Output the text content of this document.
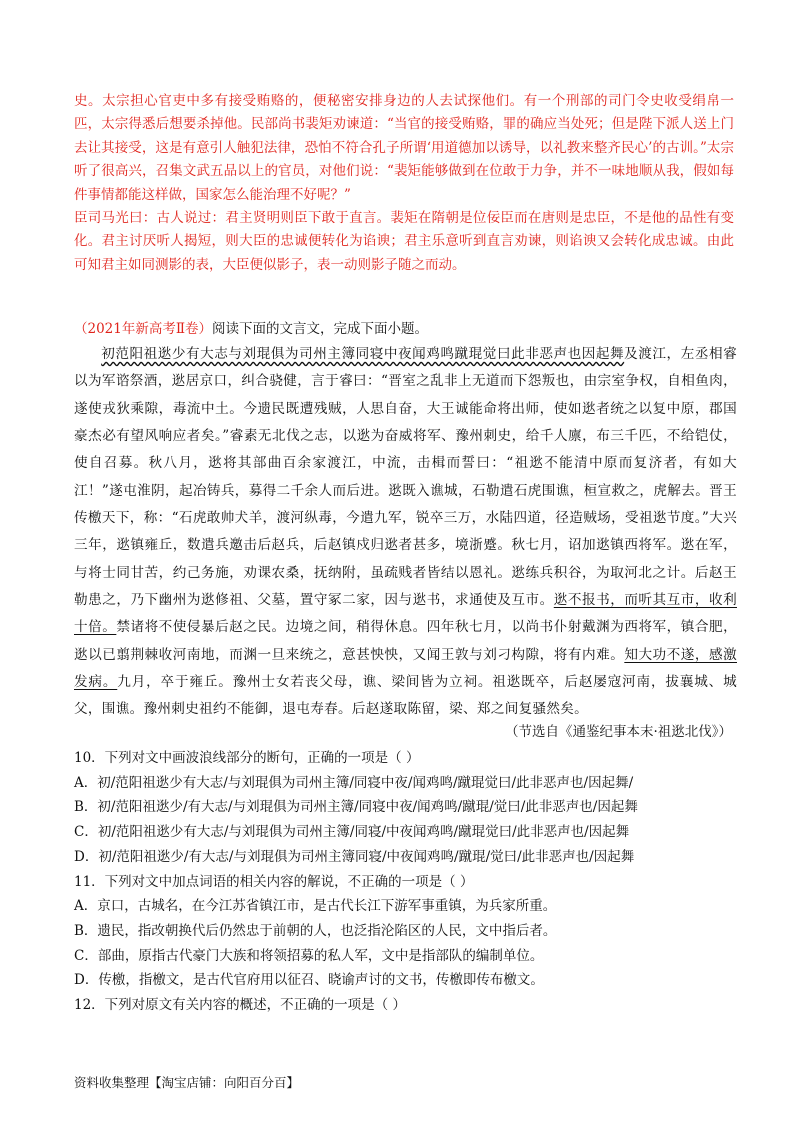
史。太宗担心官吏中多有接受贿赂的，便秘密安排身边的人去试探他们。有一个刑部的司门令史收受绢帛一匹，太宗得悉后想要杀掉他。民部尚书裴矩劝谏道：“当官的接受贿赂，罪的确应当处死；但是陛下派人送上门去让其接受，这是有意引人触犯法律，恐怕不符合孔子所谓‘用道德加以诱导，以礼教来整齐民心’的古训。”太宗听了很高兴，召集文武五品以上的官员，对他们说：“裴矩能够做到在位敢于力争，并不一味地顺从我，假如每件事情都能这样做，国家怎么能治理不好呢？”

臣司马光曰：古人说过：君主贤明则臣下敢于直言。裴矩在隋朝是位佞臣而在唐则是忠臣，不是他的品性有变化。君主讨厌听人揭短，则大臣的忠诚便转化为谄谀；君主乐意听到直言劝谏，则谄谀又会转化成忠诚。由此可知君主如同测影的表，大臣便似影子，表一动则影子随之而动。

（2021年新高考Ⅱ卷）阅读下面的文言文，完成下面小题。

初范阳祖逖少有大志与刘琨俱为司州主簿同寝中夜闻鸡鸣蹴琨觉曰此非恶声也因起舞及渡江，左丞相睿以为军谘祭酒，逖居京口，纠合骁健，言于睿曰：“晋室之乱非上无道而下怨叛也，由宗室争权，自相鱼肉，遂使戎狄乘隙，毒流中土。今遗民既遭残贼，人思自奋，大王诚能命将出师，使如逖者统之以复中原，郡国豪杰必有望风响应者矣。”睿素无北伐之志，以逖为奋威将军、豫州刺史，给千人廪，布三千匹，不给铠仗，使自召募。秋八月，逖将其部曲百余家渡江，中流，击楫而誓曰：“祖逖不能清中原而复济者，有如大江！”遂屯淮阴，起冶铸兵，募得二千余人而后进。逖既入谯城，石勒遣石虎围谯，桓宣救之，虎解去。晋王传檄天下，称：“石虎敢帅犬羊，渡河纵毒，今遣九军，锐卒三万，水陆四道，径造贼场，受祖逖节度。”大兴三年，逖镇雍丘，数遣兵邀击后赵兵，后赵镇戍归逖者甚多，境浙蹙。秋七月，诏加逖镇西将军。逖在军，与将士同甘苦，约己务施，劝课农桑，抚纳附，虽疏贱者皆结以恩礼。逖练兵积谷，为取河北之计。后赵王勒患之，乃下幽州为逖修祖、父墓，置守冢二家，因与逖书，求通使及互市。逖不报书，而听其互市，收利十倍。禁诸将不使侵暴后赵之民。边境之间，稍得休息。四年秋七月，以尚书仆射戴渊为西将军，镇合肥，逖以已翦荆棘收河南地，而渊一旦来统之，意甚怏怏，又闻王敦与刘刁构隙，将有内难。知大功不遂，感激发病。九月，卒于雍丘。豫州士女若丧父母，谯、梁间皆为立祠。祖逖既卒，后赵屡寇河南，拔襄城、城父，围谯。豫州刺史祖约不能御，退屯寿春。后赵遂取陈留，梁、郑之间复骚然矣。

（节选自《通鉴纪事本末·祖逖北伐》）

10．下列对文中画波浪线部分的断句，正确的一项是（ ）

A．初/范阳祖逖少有大志/与刘琨俱为司州主簿/同寝中夜/闻鸡鸣/蹴琨觉曰/此非恶声也/因起舞/

B．初/范阳祖逖少/有大志/与刘琨俱为司州主簿/同寝中夜/闻鸡鸣/蹴琨/觉曰/此非恶声也/因起舞

C．初/范阳祖逖少有大志/与刘琨俱为司州主簿/同寝/中夜闻鸡鸣/蹴琨觉曰/此非恶声也/因起舞

D．初/范阳祖逖少/有大志/与刘琨俱为司州主簿同寝/中夜闻鸡鸣/蹴琨/觉曰/此非恶声也/因起舞

11．下列对文中加点词语的相关内容的解说，不正确的一项是（ ）

A．京口，古城名，在今江苏省镇江市，是古代长江下游军事重镇，为兵家所重。

B．遗民，指改朝换代后仍然忠于前朝的人，也泛指沦陷区的人民，文中指后者。

C．部曲，原指古代豪门大族和将领招募的私人军，文中是指部队的编制单位。

D．传檄，指檄文，是古代官府用以征召、晓谕声讨的文书，传檄即传布檄文。

12．下列对原文有关内容的概述，不正确的一项是（ ）

资料收集整理【淘宝店铺：向阳百分百】
